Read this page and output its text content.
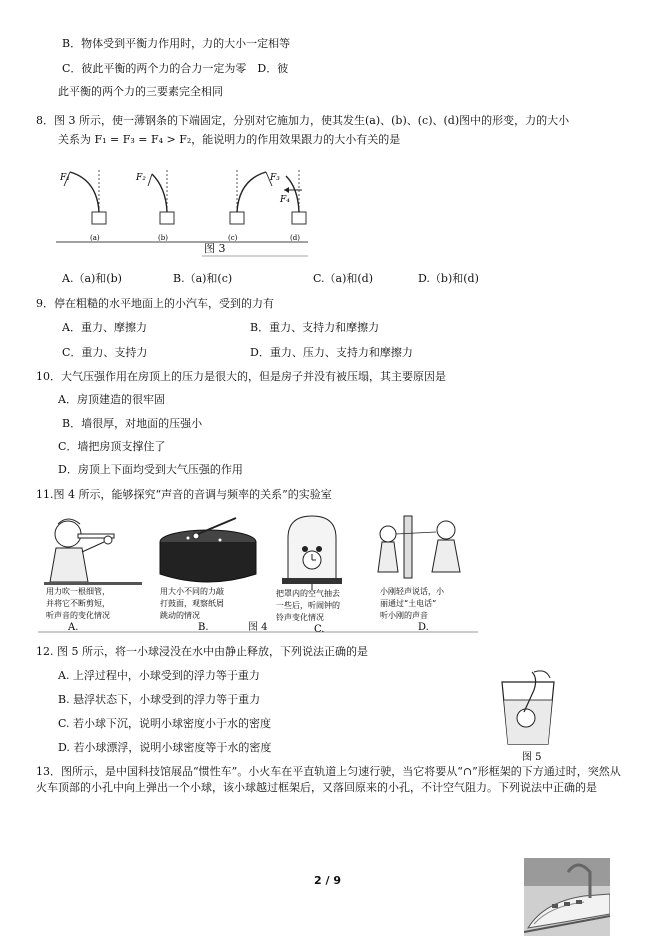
B．物体受到平衡力作用时，力的大小一定相等
C．彼此平衡的两个力的合力一定为零　D．彼
此平衡的两个力的三要素完全相同
8．图 3 所示，使一薄钢条的下端固定，分别对它施加力，使其发生(a)、(b)、(c)、(d)图中的形变，力的大小
关系为 F₁ = F₃ = F₄ > F₂，能说明力的作用效果跟力的大小有关的是
F₁
(a)
F₂
(b)
F₃
(c)
F₄
(d)
图 3
A.（a)和(b)	B.（a)和(c)	C.（a)和(d)	D.（b)和(d)
9．停在粗糙的水平地面上的小汽车，受到的力有
A．重力、摩擦力	B．重力、支持力和摩擦力
C．重力、支持力	D．重力、压力、支持力和摩擦力
10．大气压强作用在房顶上的压力是很大的，但是房子并没有被压塌，其主要原因是
A．房顶建造的很牢固
B．墙很厚，对地面的压强小
C．墙把房顶支撑住了
D．房顶上下面均受到大气压强的作用
11.图 4 所示，能够探究“声音的音调与频率的关系”的实验室
用力吹一根细管，
并将它不断剪短，
听声音的变化情况
A.
用大小不同的力敲
打鼓面，观察纸屑
跳动的情况
B.
把罩内的空气抽去
一些后，听闹钟的
铃声变化情况
C.
小刚轻声说话，小
丽通过“土电话”
听小刚的声音
D.
图 4
12. 图 5 所示，将一小球浸没在水中由静止释放，下列说法正确的是
A. 上浮过程中，小球受到的浮力等于重力
B. 悬浮状态下，小球受到的浮力等于重力
C. 若小球下沉，说明小球密度小于水的密度
D. 若小球漂浮，说明小球密度等于水的密度
图 5
13．图所示，是中国科技馆展品“惯性车”。小火车在平直轨道上匀速行驶，当它将要从“∩”形框架的下方通过时，突然从火车顶部的小孔中向上弹出一个小球，该小球越过框架后，又落回原来的小孔，不计空气阻力。下列说法中正确的是
2 / 9
